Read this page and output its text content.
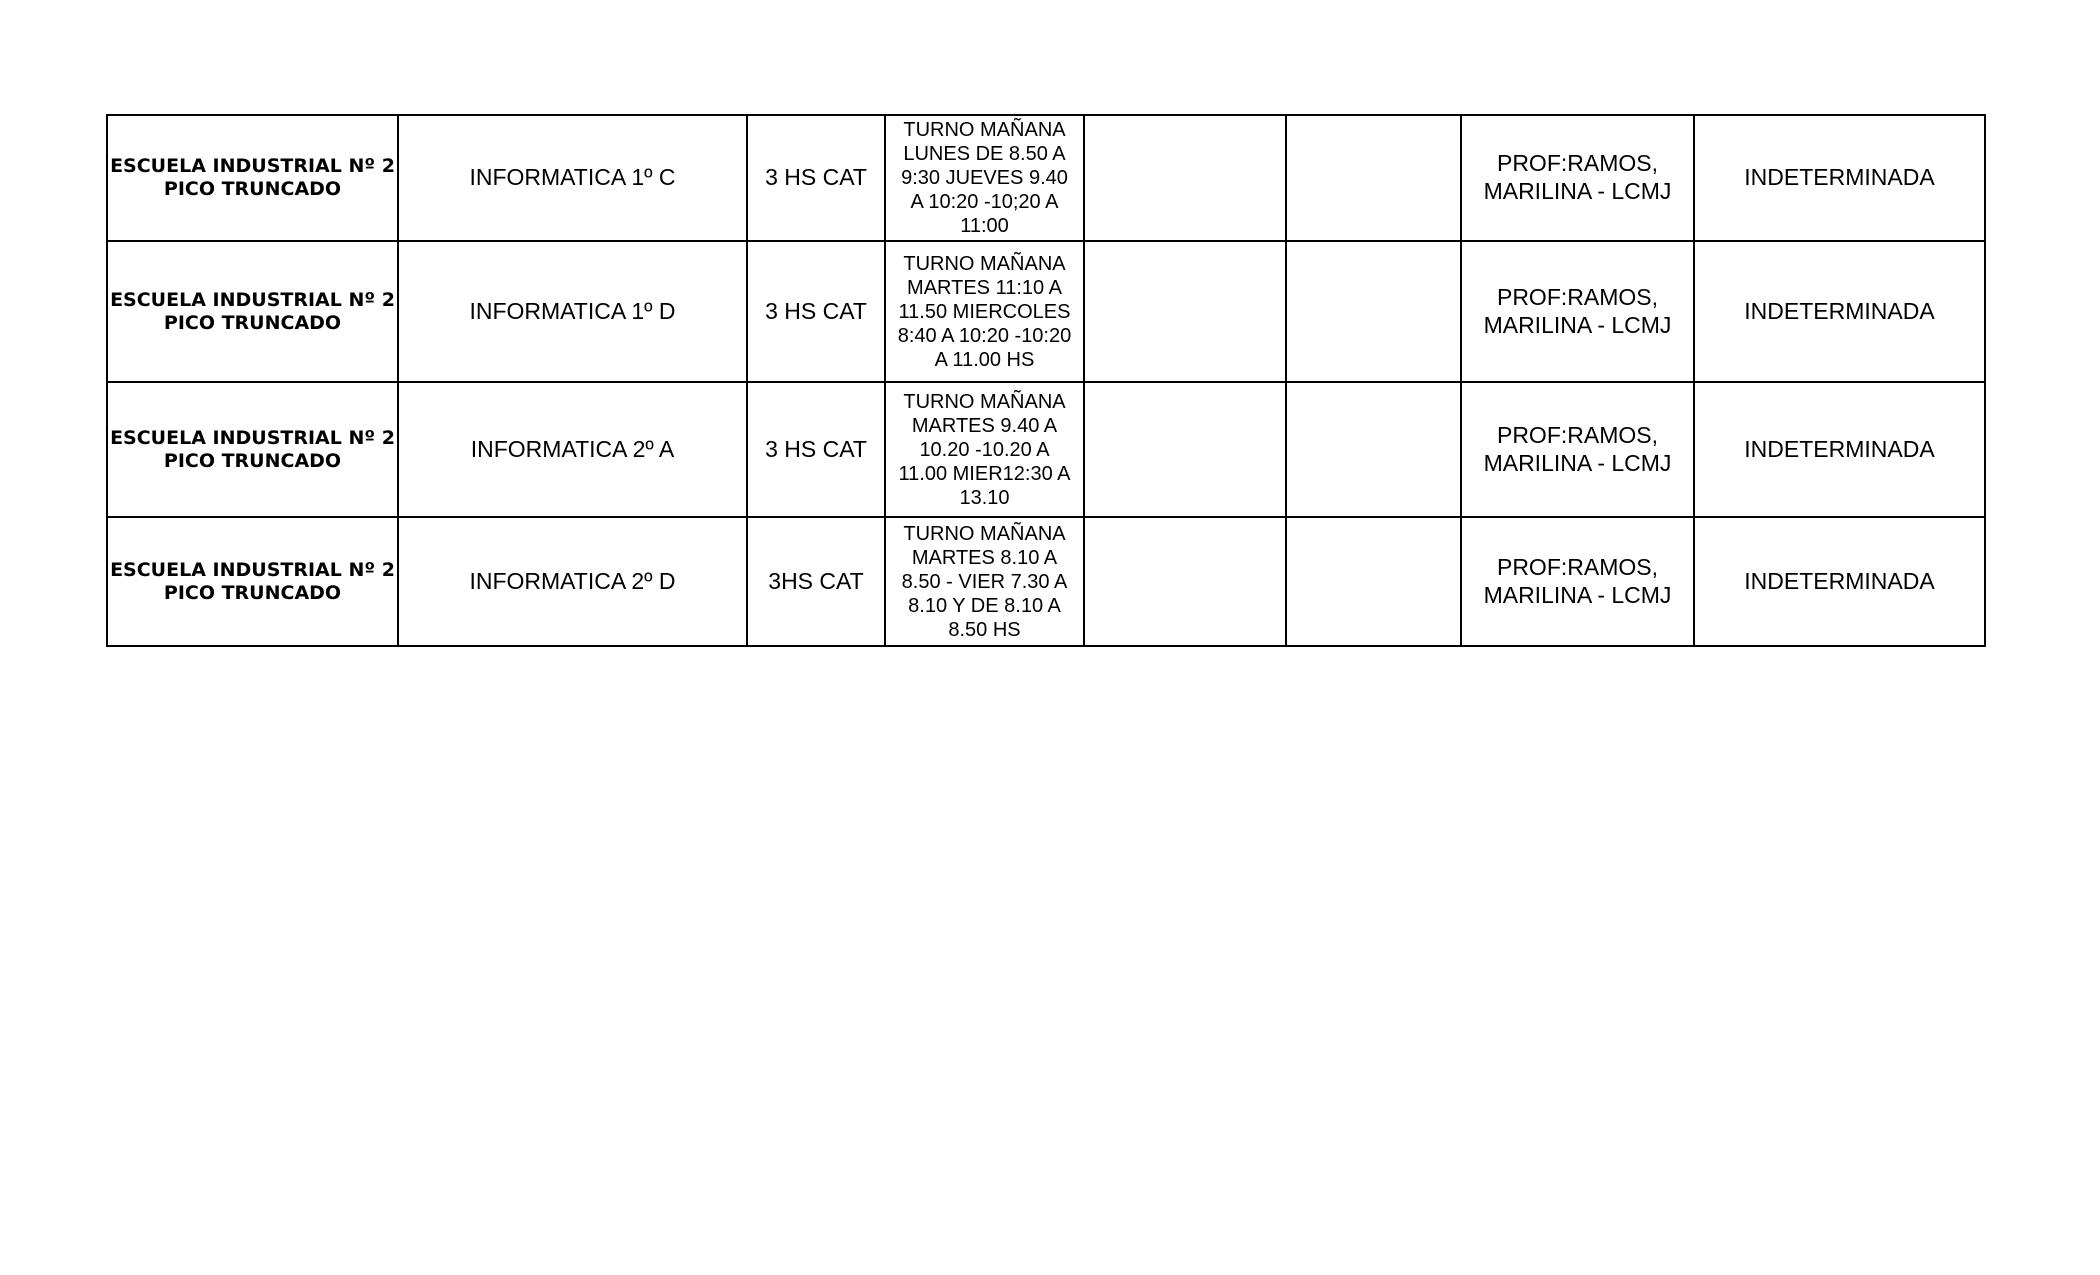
ESCUELA INDUSTRIAL Nº 2
PICO TRUNCADO	INFORMATICA 1º C	3 HS CAT	TURNO MAÑANA
LUNES DE 8.50 A
9:30 JUEVES 9.40
A 10:20 -10;20 A
11:00			PROF:RAMOS,
MARILINA - LCMJ	INDETERMINADA

ESCUELA INDUSTRIAL Nº 2
PICO TRUNCADO	INFORMATICA 1º D	3 HS CAT	TURNO MAÑANA
MARTES 11:10 A
11.50 MIERCOLES
8:40 A 10:20 -10:20
A 11.00 HS			PROF:RAMOS,
MARILINA - LCMJ	INDETERMINADA

ESCUELA INDUSTRIAL Nº 2
PICO TRUNCADO	INFORMATICA 2º A	3 HS CAT	TURNO MAÑANA
MARTES 9.40 A
10.20 -10.20 A
11.00 MIER12:30 A
13.10			PROF:RAMOS,
MARILINA - LCMJ	INDETERMINADA

ESCUELA INDUSTRIAL Nº 2
PICO TRUNCADO	INFORMATICA 2º D	3HS CAT	TURNO MAÑANA
MARTES 8.10 A
8.50 - VIER 7.30 A
8.10 Y DE 8.10 A
8.50 HS			PROF:RAMOS,
MARILINA - LCMJ	INDETERMINADA
